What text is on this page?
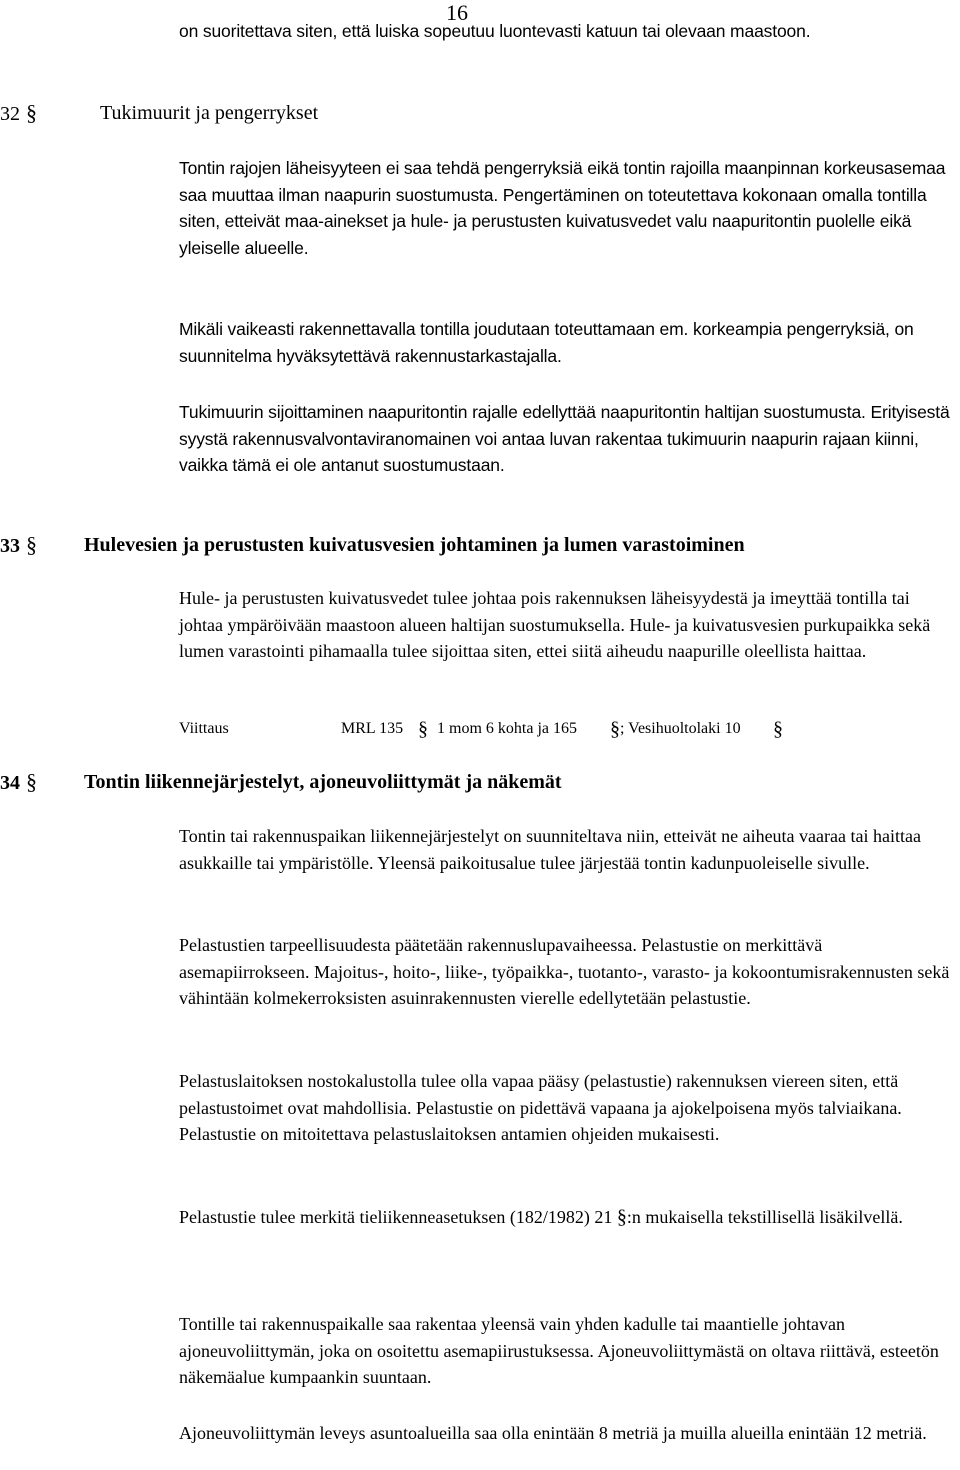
16

on suoritettava siten, että luiska sopeutuu luontevasti katuun tai olevaan maastoon.

32 §	Tukimuurit ja pengerrykset

Tontin rajojen läheisyyteen ei saa tehdä pengerryksiä eikä tontin rajoilla maanpinnan korkeusasemaa saa muuttaa ilman naapurin suostumusta. Pengertäminen on toteutettava kokonaan omalla tontilla siten, etteivät maa-ainekset ja hule- ja perustusten kuivatusvedet valu naapuritontin puolelle eikä yleiselle alueelle.

Mikäli vaikeasti rakennettavalla tontilla joudutaan toteuttamaan em. korkeampia pengerryksiä, on suunnitelma hyväksytettävä rakennustarkastajalla.

Tukimuurin sijoittaminen naapuritontin rajalle edellyttää naapuritontin haltijan suostumusta. Erityisestä syystä rakennusvalvontaviranomainen voi antaa luvan rakentaa tukimuurin naapurin rajaan kiinni, vaikka tämä ei ole antanut suostumustaan.
33 § Hulevesien ja perustusten kuivatusvesien johtaminen ja lumen varastoiminen

Hule- ja perustusten kuivatusvedet tulee johtaa pois rakennuksen läheisyydestä ja imeyttää tontilla tai johtaa ympäröivään maastoon alueen haltijan suostumuksella. Hule- ja kuivatusvesien purkupaikka sekä lumen varastointi pihamaalla tulee sijoittaa siten, ettei siitä aiheudu naapurille oleellista haittaa.

Viittaus	MRL 135 § 1 mom 6 kohta ja 165 § ; Vesihuoltolaki 10 §
34 § Tontin liikennejärjestelyt, ajoneuvoliittymät ja näkemät

Tontin tai rakennuspaikan liikennejärjestelyt on suunniteltava niin, etteivät ne aiheuta vaaraa tai haittaa asukkaille tai ympäristölle. Yleensä paikoitusalue tulee järjestää tontin kadunpuoleiselle sivulle.

Pelastustien tarpeellisuudesta päätetään rakennuslupavaiheessa. Pelastustie on merkittävä asemapiirrokseen. Majoitus-, hoito-, liike-, työpaikka-, tuotanto-, varasto- ja kokoontumisrakennusten sekä vähintään kolmekerroksisten asuinrakennusten vierelle edellytetään pelastustie.

Pelastuslaitoksen nostokalustolla tulee olla vapaa pääsy (pelastustie) rakennuksen viereen siten, että pelastustoimet ovat mahdollisia. Pelastustie on pidettävä vapaana ja ajokelpoisena myös talviaikana. Pelastustie on mitoitettava pelastuslaitoksen antamien ohjeiden mukaisesti.

Pelastustie tulee merkitä tieliikenneasetuksen (182/1982) 21 §:n mukaisella tekstillisellä lisäkilvellä.

Tontille tai rakennuspaikalle saa rakentaa yleensä vain yhden kadulle tai maantielle johtavan ajoneuvoliittymän, joka on osoitettu asemapiirustuksessa. Ajoneuvoliittymästä on oltava riittävä, esteetön näkemäalue kumpaankin suuntaan.

Ajoneuvoliittymän leveys asuntoalueilla saa olla enintään 8 metriä ja muilla alueilla enintään 12 metriä.
